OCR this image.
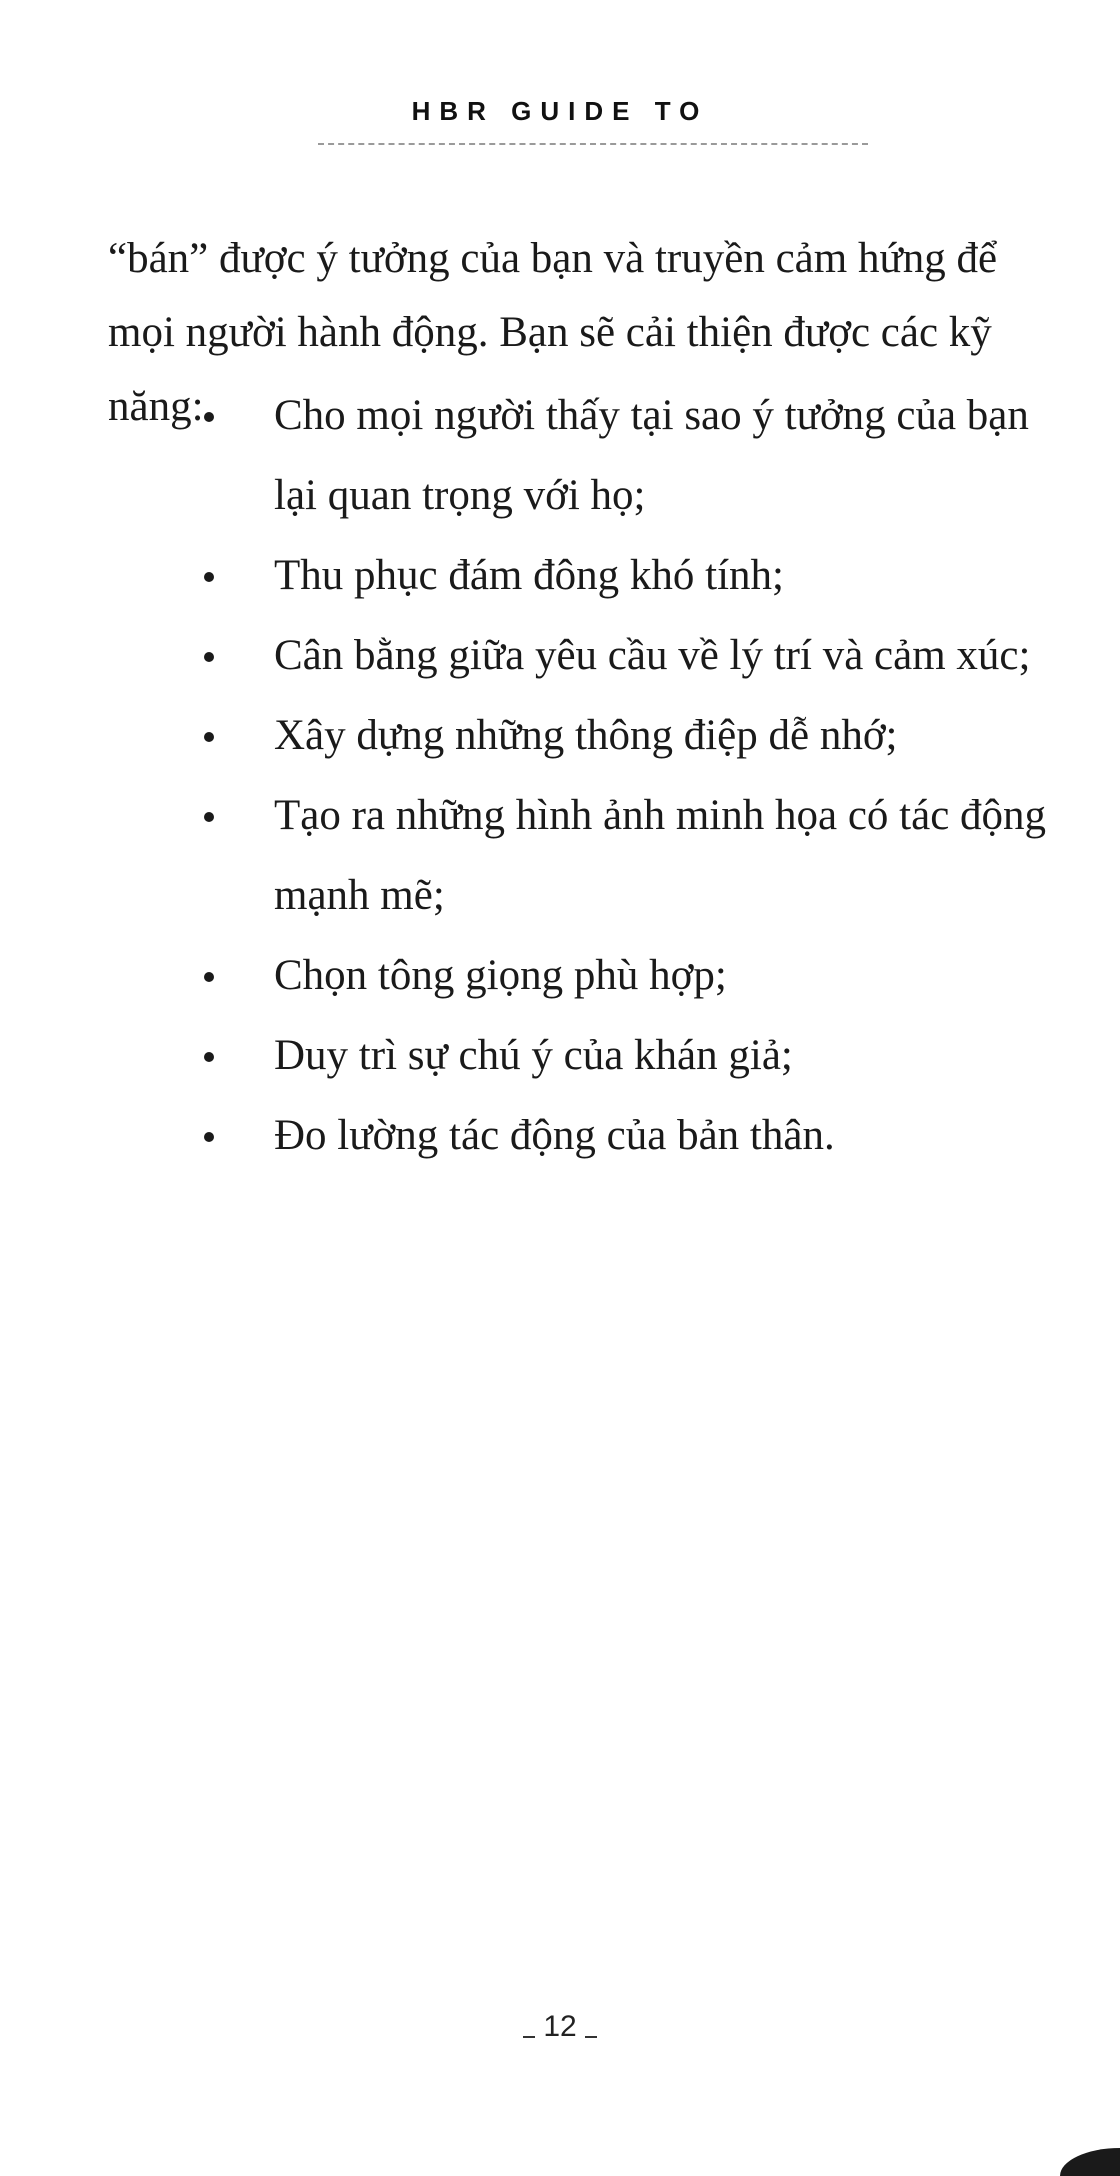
HBR GUIDE TO

“bán” được ý tưởng của bạn và truyền cảm hứng để mọi người hành động. Bạn sẽ cải thiện được các kỹ năng:	Cho mọi người thấy tại sao ý tưởng của bạn lại quan trọng với họ;
Thu phục đám đông khó tính;
Cân bằng giữa yêu cầu về lý trí và cảm xúc;
Xây dựng những thông điệp dễ nhớ;
Tạo ra những hình ảnh minh họa có tác động mạnh mẽ;
Chọn tông giọng phù hợp;
Duy trì sự chú ý của khán giả;
Đo lường tác động của bản thân.
12
